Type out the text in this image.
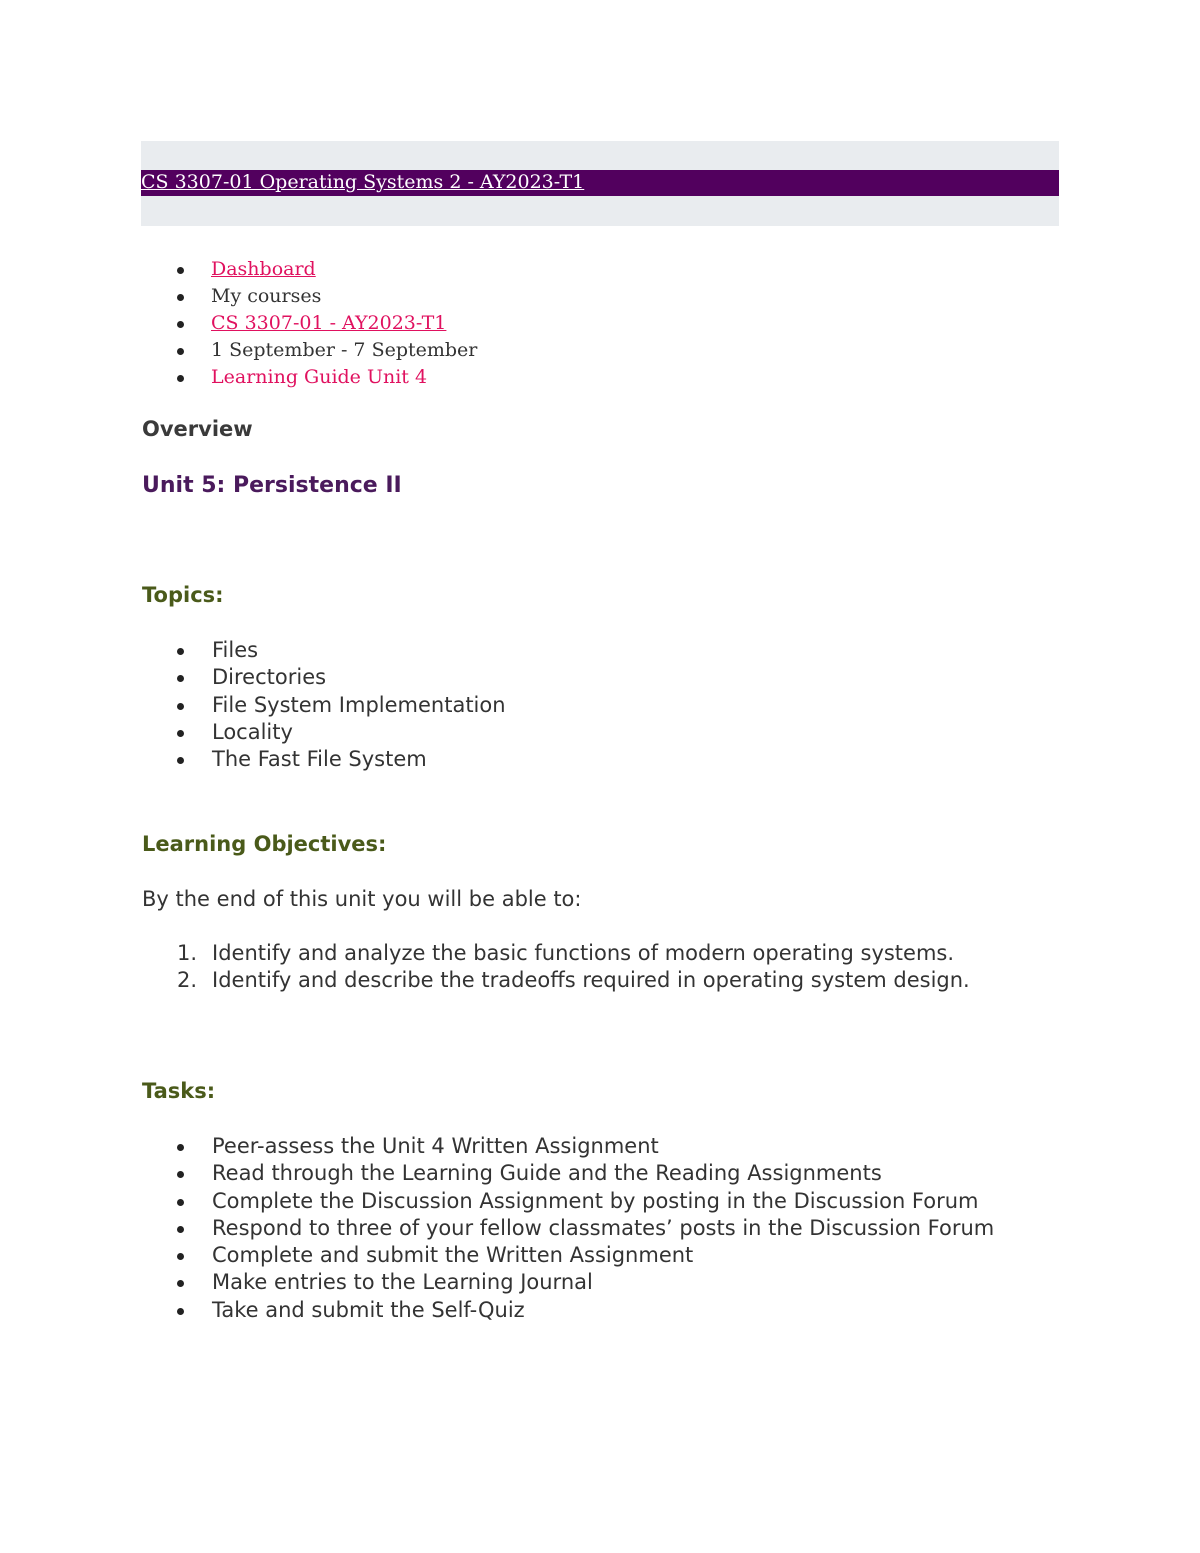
CS 3307-01 Operating Systems 2 - AY2023-T1
Dashboard
My courses
CS 3307-01 - AY2023-T1
1 September - 7 September
Learning Guide Unit 4
Overview
Unit 5: Persistence II
Topics:
Files
Directories
File System Implementation
Locality
The Fast File System
Learning Objectives:

By the end of this unit you will be able to:

1. Identify and analyze the basic functions of modern operating systems.
2. Identify and describe the tradeoffs required in operating system design.
Tasks:
Peer-assess the Unit 4 Written Assignment
Read through the Learning Guide and the Reading Assignments
Complete the Discussion Assignment by posting in the Discussion Forum
Respond to three of your fellow classmates’ posts in the Discussion Forum
Complete and submit the Written Assignment
Make entries to the Learning Journal
Take and submit the Self-Quiz
